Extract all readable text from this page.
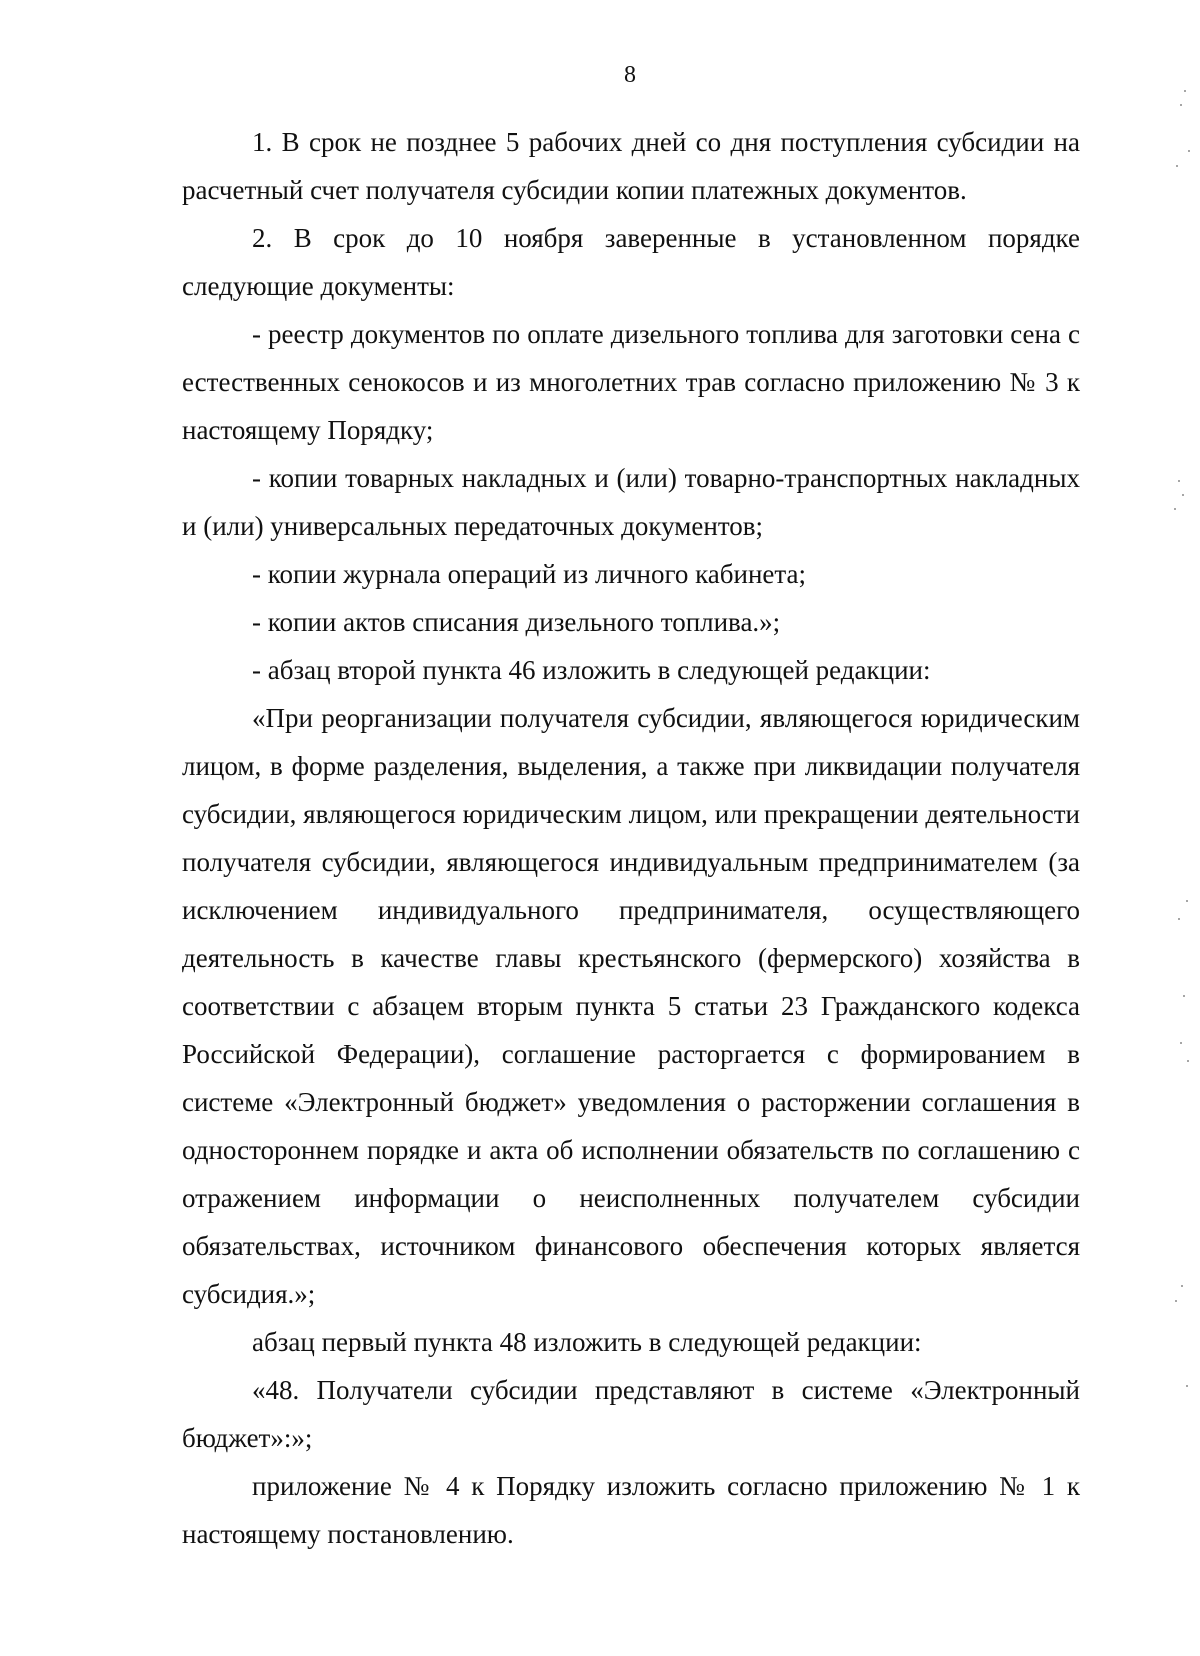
8

1. В срок не позднее 5 рабочих дней со дня поступления субсидии на расчетный счет получателя субсидии копии платежных документов.

2. В срок до 10 ноября заверенные в установленном порядке следующие документы:

- реестр документов по оплате дизельного топлива для заготовки сена с естественных сенокосов и из многолетних трав согласно приложению № 3 к настоящему Порядку;

- копии товарных накладных и (или) товарно-транспортных накладных и (или) универсальных передаточных документов;

- копии журнала операций из личного кабинета;

- копии актов списания дизельного топлива.»;

- абзац второй пункта 46 изложить в следующей редакции:

«При реорганизации получателя субсидии, являющегося юридическим лицом, в форме разделения, выделения, а также при ликвидации получателя субсидии, являющегося юридическим лицом, или прекращении деятельности получателя субсидии, являющегося индивидуальным предпринимателем (за исключением индивидуального предпринимателя, осуществляющего деятельность в качестве главы крестьянского (фермерского) хозяйства в соответствии с абзацем вторым пункта 5 статьи 23 Гражданского кодекса Российской Федерации), соглашение расторгается с формированием в системе «Электронный бюджет» уведомления о расторжении соглашения в одностороннем порядке и акта об исполнении обязательств по соглашению с отражением информации о неисполненных получателем субсидии обязательствах, источником финансового обеспечения которых является субсидия.»;

абзац первый пункта 48 изложить в следующей редакции:

«48. Получатели субсидии представляют в системе «Электронный бюджет»:»;

приложение № 4 к Порядку изложить согласно приложению № 1 к настоящему постановлению.
